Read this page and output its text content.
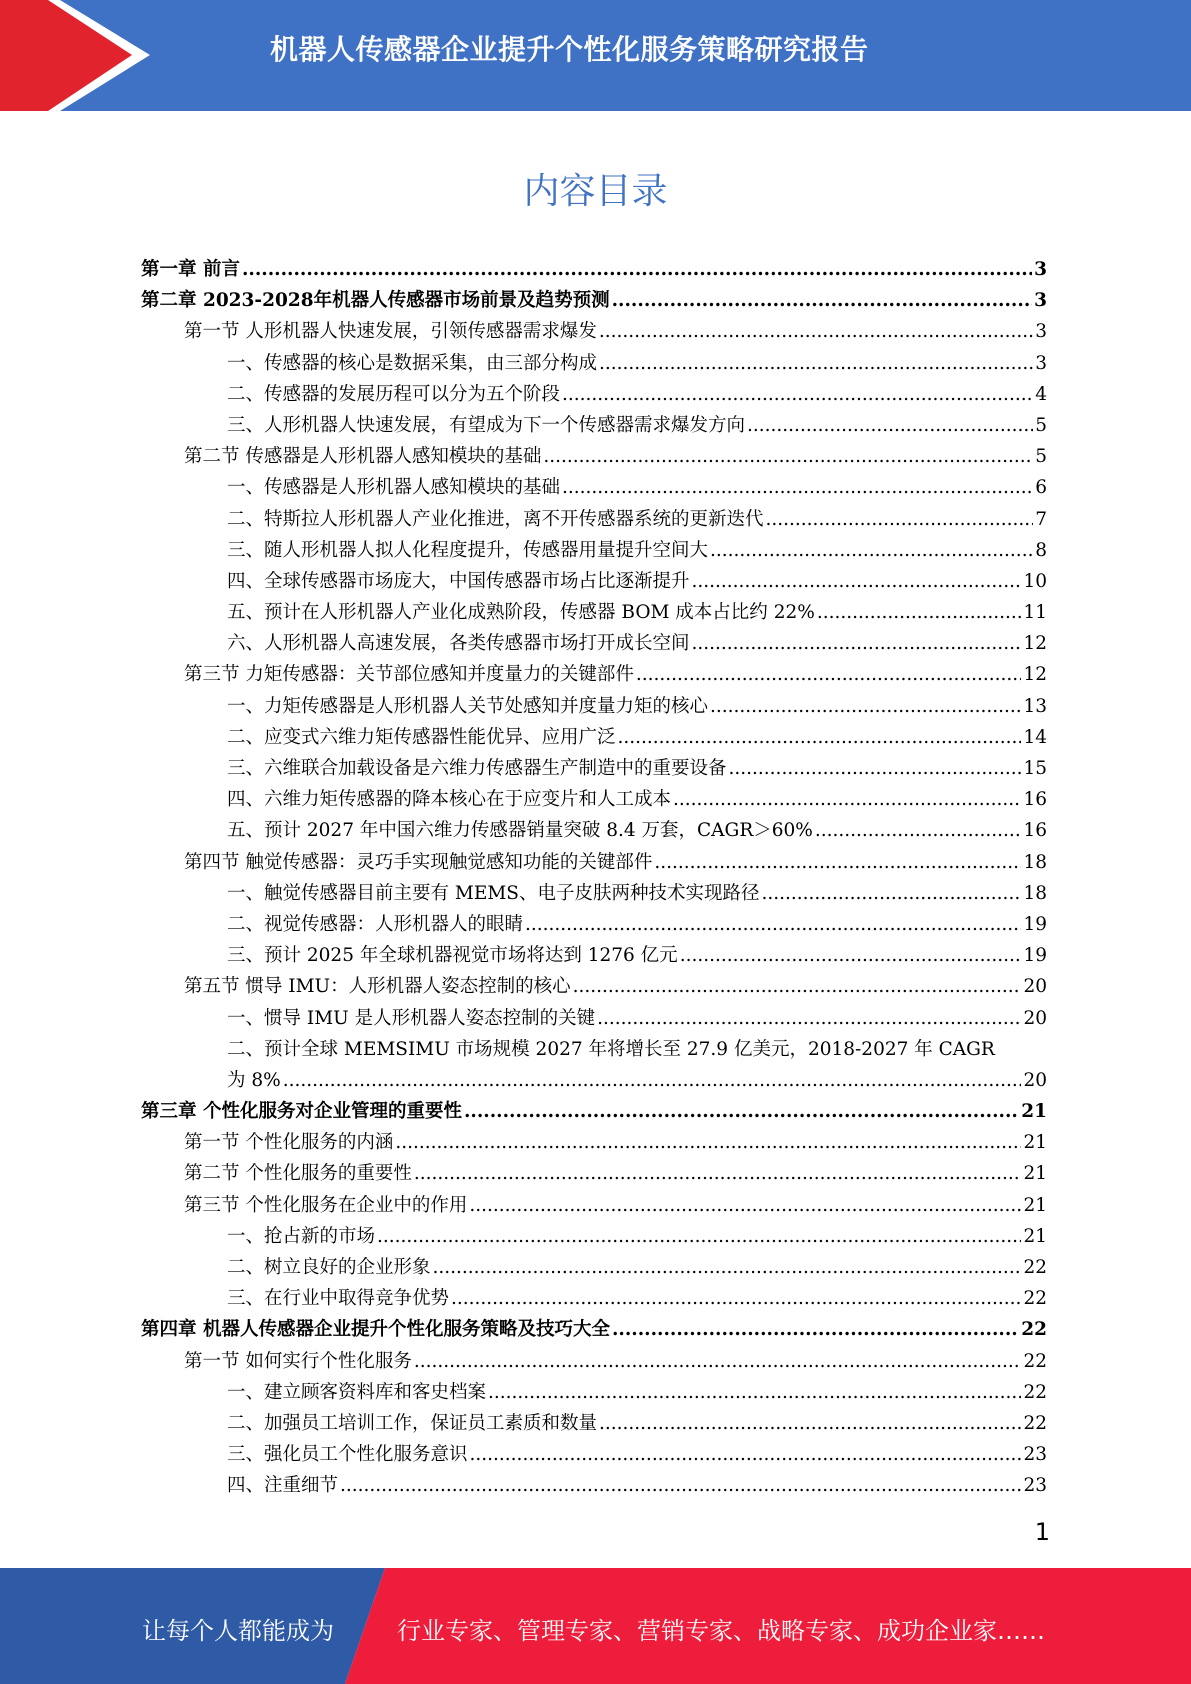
机器人传感器企业提升个性化服务策略研究报告
内容目录
第一章 前言 .....	3
第二章 2023-2028年机器人传感器市场前景及趋势预测 .....	3
第一节 人形机器人快速发展，引领传感器需求爆发 .....	3
一、传感器的核心是数据采集，由三部分构成 .....	3
二、传感器的发展历程可以分为五个阶段 .....	4
三、人形机器人快速发展，有望成为下一个传感器需求爆发方向 .....	5
第二节 传感器是人形机器人感知模块的基础 .....	5
一、传感器是人形机器人感知模块的基础 .....	6
二、特斯拉人形机器人产业化推进，离不开传感器系统的更新迭代 .....	7
三、随人形机器人拟人化程度提升，传感器用量提升空间大 .....	8
四、全球传感器市场庞大，中国传感器市场占比逐渐提升 .....	10
五、预计在人形机器人产业化成熟阶段，传感器 BOM 成本占比约 22% .....	11
六、人形机器人高速发展，各类传感器市场打开成长空间 .....	12
第三节 力矩传感器：关节部位感知并度量力的关键部件 .....	12
一、力矩传感器是人形机器人关节处感知并度量力矩的核心 .....	13
二、应变式六维力矩传感器性能优异、应用广泛 .....	14
三、六维联合加载设备是六维力传感器生产制造中的重要设备 .....	15
四、六维力矩传感器的降本核心在于应变片和人工成本 .....	16
五、预计 2027 年中国六维力传感器销量突破 8.4 万套，CAGR＞60% .....	16
第四节 触觉传感器：灵巧手实现触觉感知功能的关键部件 .....	18
一、触觉传感器目前主要有 MEMS、电子皮肤两种技术实现路径 .....	18
二、视觉传感器：人形机器人的眼睛 .....	19
三、预计 2025 年全球机器视觉市场将达到 1276 亿元 .....	19
第五节 惯导 IMU：人形机器人姿态控制的核心 .....	20
一、惯导 IMU 是人形机器人姿态控制的关键 .....	20
二、预计全球 MEMSIMU 市场规模 2027 年将增长至 27.9 亿美元，2018-2027 年 CAGR
为 8% .....	20
第三章 个性化服务对企业管理的重要性 .....	21
第一节 个性化服务的内涵 .....	21
第二节 个性化服务的重要性 .....	21
第三节 个性化服务在企业中的作用 .....	21
一、抢占新的市场 .....	21
二、树立良好的企业形象 .....	22
三、在行业中取得竞争优势 .....	22
第四章 机器人传感器企业提升个性化服务策略及技巧大全 .....	22
第一节 如何实行个性化服务 .....	22
一、建立顾客资料库和客史档案 .....	22
二、加强员工培训工作，保证员工素质和数量 .....	22
三、强化员工个性化服务意识 .....	23
四、注重细节 .....	23
1
让每个人都能成为	行业专家、管理专家、营销专家、战略专家、成功企业家……
